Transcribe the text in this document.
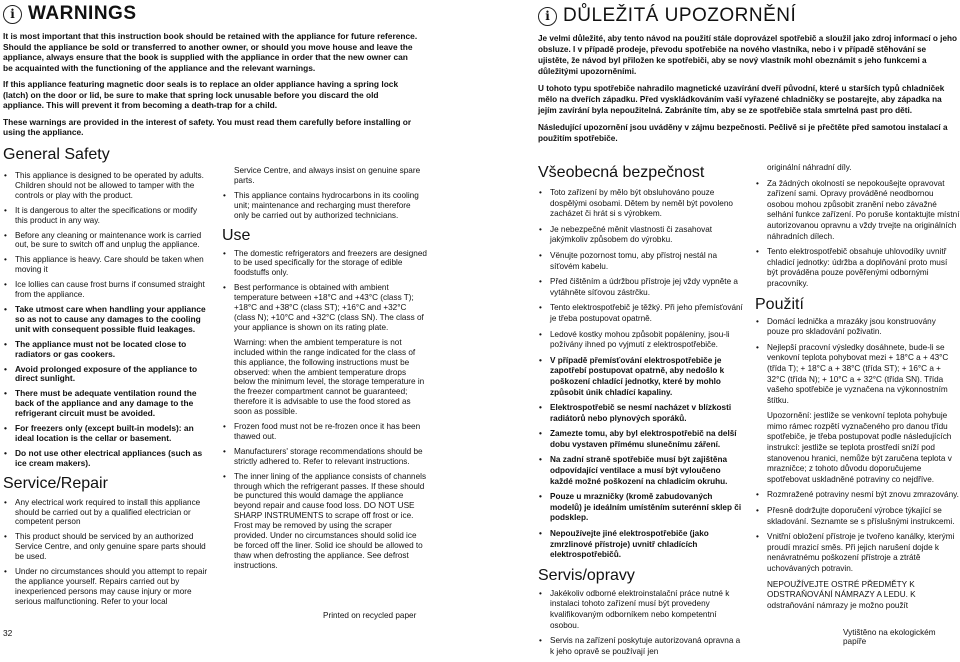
i WARNINGS

It is most important that this instruction book should be retained with the appliance for future reference. Should the appliance be sold or transferred to another owner, or should you move house and leave the appliance, always ensure that the book is supplied with the appliance in order that the new owner can be acquainted with the functioning of the appliance and the relevant warnings.

If this appliance featuring magnetic door seals is to replace an older appliance having a spring lock (latch) on the door or lid, be sure to make that spring lock unusable before you discard the old appliance. This will prevent it from becoming a death-trap for a child.

These warnings are provided in the interest of safety. You must read them carefully before installing or using the appliance.

General Safety
• This appliance is designed to be operated by adults. Children should not be allowed to tamper with the controls or play with the product.
• It is dangerous to alter the specifications or modify this product in any way.
• Before any cleaning or maintenance work is carried out, be sure to switch off and unplug the appliance.
• This appliance is heavy. Care should be taken when moving it
• Ice lollies can cause frost burns if consumed straight from the appliance.
• Take utmost care when handling your appliance so as not to cause any damages to the cooling unit with consequent possible fluid leakages.
• The appliance must not be located close to radiators or gas cookers.
• Avoid prolonged exposure of the appliance to direct sunlight.
• There must be adequate ventilation round the back of the appliance and any damage to the refrigerant circuit must be avoided.
• For freezers only (except built-in models): an ideal location is the cellar or basement.
• Do not use other electrical appliances (such as ice cream makers).
Service/Repair
• Any electrical work required to install this appliance should be carried out by a qualified electrician or competent person
• This product should be serviced by an authorized Service Centre, and only genuine spare parts should be used.
• Under no circumstances should you attempt to repair the appliance yourself. Repairs carried out by inexperienced persons may cause injury or more serious malfunctioning. Refer to your local

Service Centre, and always insist on genuine spare parts.

• This appliance contains hydrocarbons in its cooling unit; maintenance and recharging must therefore only be carried out by authorized technicians.
Use
• The domestic refrigerators and freezers are designed to be used specifically for the storage of edible foodstuffs only.
• Best performance is obtained with ambient temperature between +18°C and +43°C (class T); +18°C and +38°C (class ST); +16°C and +32°C (class N); +10°C and +32°C (class SN). The class of your appliance is shown on its rating plate.

Warning: when the ambient temperature is not included within the range indicated for the class of this appliance, the following instructions must be observed: when the ambient temperature drops below the minimum level, the storage temperature in the freezer compartment cannot be guaranteed; therefore it is advisable to use the food stored as soon as possible.

• Frozen food must not be re-frozen once it has been thawed out.
• Manufacturers' storage recommendations should be strictly adhered to. Refer to relevant instructions.
• The inner lining of the appliance consists of channels through which the refrigerant passes. If these should be punctured this would damage the appliance beyond repair and cause food loss. DO NOT USE SHARP INSTRUMENTS to scrape off frost or ice. Frost may be removed by using the scraper provided. Under no circumstances should solid ice be forced off the liner. Solid ice should be allowed to thaw when defrosting the appliance. See defrost instructions.
Printed on recycled paper
32
i DŮLEŽITÁ UPOZORNĚNÍ

Je velmi důležité, aby tento návod na použití stále doprovázel spotřebič a sloužil jako zdroj informací o jeho obsluze. I v případě prodeje, převodu spotřebiče na nového vlastníka, nebo i v případě stěhování se ujistěte, že návod byl přiložen ke spotřebiči, aby se nový vlastník mohl obeznámit s jeho funkcemi a důležitými upozorněními.

U tohoto typu spotřebiče nahradilo magnetické uzavírání dveří původní, které u starších typů chladniček mělo na dveřích západku. Před vyskládkováním vaší vyřazené chladničky se postarejte, aby západka na jejím zavírání byla nepoužitelná. Zabráníte tím, aby se ze spotřebiče stala smrtelná past pro děti.

Následující upozornění jsou uváděny v zájmu bezpečnosti. Pečlivě si je přečtěte před samotou instalací a použitím spotřebiče.

Všeobecná bezpečnost
• Toto zařízení by mělo být obsluhováno pouze dospělými osobami. Dětem by neměl být povoleno zacházet či hrát si s výrobkem.
• Je nebezpečné měnit vlastnosti či zasahovat jakýmkoliv způsobem do výrobku.
• Vënujte pozornost tomu, aby přístroj nestál na síťovém kabelu.
• Před čištěním a údržbou přístroje jej vždy vypněte a vytáhněte síťovou zástrčku.
• Tento elektrospotřebič je těžký. Při jeho přemísťování je třeba postupovat opatrně.
• Ledové kostky mohou způsobit popáleniny, jsou-li požívány ihned po vyjmutí z elektrospotřebiče.
• V případě přemísťování elektrospotřebiče je zapotřebí postupovat opatrně, aby nedošlo k poškození chladící jednotky, které by mohlo způsobit únik chladící kapaliny.
• Elektrospotřebič se nesmí nacházet v blízkosti radiátorů nebo plynových sporáků.
• Zamezte tomu, aby byl elektrospotřebič na delší dobu vystaven přímému slunečnímu záření.
• Na zadní straně spotřebiče musí být zajištěna odpovídající ventilace a musí být vyloučeno každé možné poškození na chladicím okruhu.
• Pouze u mrazničky (kromě zabudovaných modelů) je ideálním umístěním suterénní sklep či podsklep.
• Nepoužívejte jiné elektrospotřebiče (jako zmrzlinové přístroje) uvnitř chladících elektrospotřebičů.
Servis/opravy
• Jakékoliv odborné elektroinstalační práce nutné k instalaci tohoto zařízení musí být provedeny kvalifikovaným odborníkem nebo kompetentní osobou.
• Servis na zařízení poskytuje autorizovaná opravna a k jeho opravě se používají jen

originální náhradní díly.

• Za žádných okolností se nepokoušejte opravovat zařízení sami. Opravy prováděné neodbornou osobou mohou způsobit zranění nebo závažné selhání funkce zařízení. Po poruše kontaktujte místní autorizovanou opravnu a vždy trvejte na originálních náhradních dílech.
• Tento elektrospotřebič obsahuje uhlovodíky uvnitř chladicí jednotky: údržba a doplňování proto musí být prováděna pouze pověřenými odbornými pracovníky.
Použití
• Domácí lednička a mrazáky jsou konstruovány pouze pro skladování poživatin.
• Nejlepší pracovní výsledky dosáhnete, bude-li se venkovní teplota pohybovat mezi + 18°C a + 43°C (třída T); + 18°C a + 38°C (třída ST); + 16°C a + 32°C (třída N); + 10°C a + 32°C (třída SN). Třída vašeho spotřebiče je vyznačena na výkonnostním štítku.

Upozornění: jestliže se venkovní teplota pohybuje mimo rámec rozpětí vyznačeného pro danou třídu spotřebiče, je třeba postupovat podle následujících instrukcí: jestliže se teplota prostředí sníží pod stanovenou hranici, nemůže být zaručena teplota v mrazničce; z tohoto důvodu doporučujeme spotřebovat uskladněné potraviny co nejdříve.

• Rozmražené potraviny nesmí být znovu zmrazovány.
• Přesně dodržujte doporučení výrobce týkající se skladování. Seznamte se s příslušnými instrukcemi.
• Vnitřní obložení přístroje je tvořeno kanálky, kterými proudí mrazicí směs. Při jejich narušení dojde k nenávratnému poškození přístroje a ztrátě uchovávaných potravin.

NEPOUŽÍVEJTE OSTRÉ PŘEDMĚTY K ODSTRAŇOVÁNÍ NÁMRAZY A LEDU. K odstraňování námrazy je možno použít

Vytištěno na ekologickém papíře
